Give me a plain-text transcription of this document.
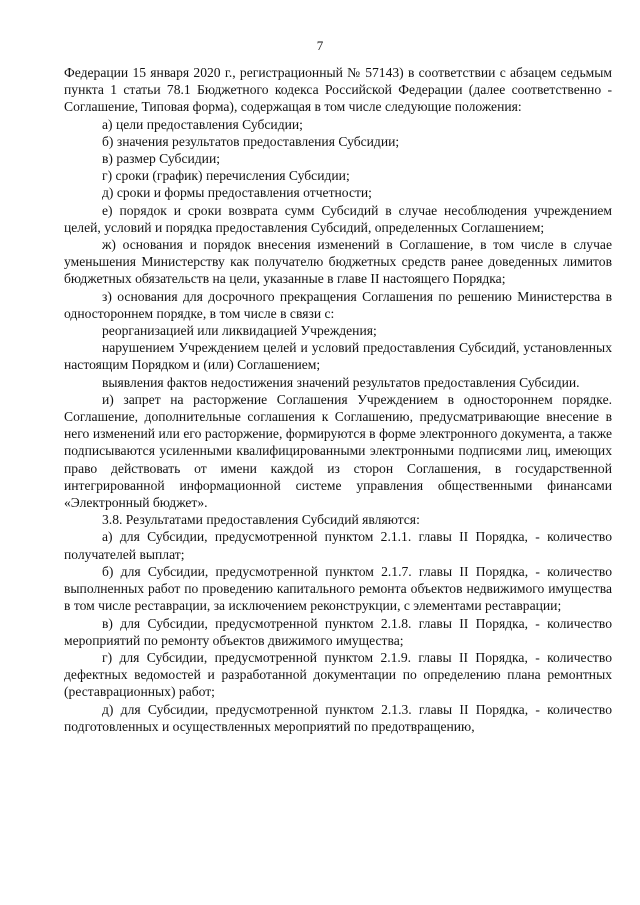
7

Федерации 15 января 2020 г., регистрационный № 57143) в соответствии с абзацем седьмым пункта 1 статьи 78.1 Бюджетного кодекса Российской Федерации (далее соответственно - Соглашение, Типовая форма), содержащая в том числе следующие положения:

а) цели предоставления Субсидии;

б) значения результатов предоставления Субсидии;

в) размер Субсидии;

г) сроки (график) перечисления Субсидии;

д) сроки и формы предоставления отчетности;

е) порядок и сроки возврата сумм Субсидий в случае несоблюдения учреждением целей, условий и порядка предоставления Субсидий, определенных Соглашением;

ж) основания и порядок внесения изменений в Соглашение, в том числе в случае уменьшения Министерству как получателю бюджетных средств ранее доведенных лимитов бюджетных обязательств на цели, указанные в главе II настоящего Порядка;

з) основания для досрочного прекращения Соглашения по решению Министерства в одностороннем порядке, в том числе в связи с:

реорганизацией или ликвидацией Учреждения;

нарушением Учреждением целей и условий предоставления Субсидий, установленных настоящим Порядком и (или) Соглашением;

выявления фактов недостижения значений результатов предоставления Субсидии.

и) запрет на расторжение Соглашения Учреждением в одностороннем порядке. Соглашение, дополнительные соглашения к Соглашению, предусматривающие внесение в него изменений или его расторжение, формируются в форме электронного документа, а также подписываются усиленными квалифицированными электронными подписями лиц, имеющих право действовать от имени каждой из сторон Соглашения, в государственной интегрированной информационной системе управления общественными финансами «Электронный бюджет».

3.8. Результатами предоставления Субсидий являются:

а) для Субсидии, предусмотренной пунктом 2.1.1. главы II Порядка, - количество получателей выплат;

б) для Субсидии, предусмотренной пунктом 2.1.7. главы II Порядка, - количество выполненных работ по проведению капитального ремонта объектов недвижимого имущества в том числе реставрации, за исключением реконструкции, с элементами реставрации;

в) для Субсидии, предусмотренной пунктом 2.1.8. главы II Порядка, - количество мероприятий по ремонту объектов движимого имущества;

г) для Субсидии, предусмотренной пунктом 2.1.9. главы II Порядка, - количество дефектных ведомостей и разработанной документации по определению плана ремонтных (реставрационных) работ;

д) для Субсидии, предусмотренной пунктом 2.1.3. главы II Порядка, - количество подготовленных и осуществленных мероприятий по предотвращению,
